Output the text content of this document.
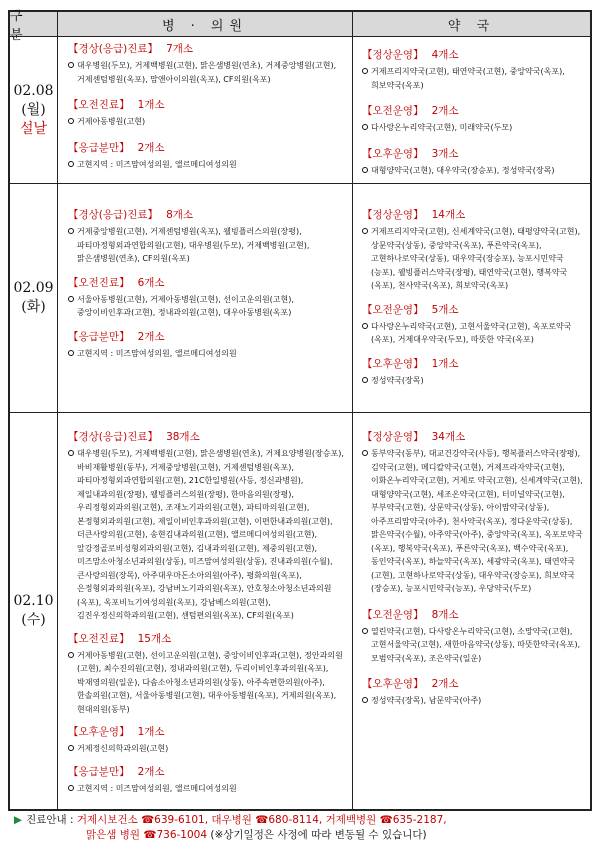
구 분
병 · 의원	약 국
02.08
(월)
설날
【경상(응급)진료】 7개소
대우병원(두모), 거제백병원(고현), 맑은샘병원(연초), 거제중앙병원(고현), 거제센텀병원(옥포), 맘앤아이의원(옥포), CF의원(옥포)
【오전진료】 1개소
거제아동병원(고현)
【응급분만】 2개소
고현지역 : 미즈맘여성의원, 앨르메디여성의원
【정상운영】 4개소
거제프리지약국(고현), 태연약국(고현), 중앙약국(옥포), 희보약국(옥포)
【오전운영】 2개소
다사랑온누리약국(고현), 미래약국(두모)
【오후운영】 3개소
대형양약국(고현), 대우약국(장승포), 정성약국(장목)
02.09
(화)
【경상(응급)진료】 8개소
거제중앙병원(고현), 거제센텀병원(옥포), 웰빙플러스의원(장평), 파티마정형외과연합의원(고현), 대우병원(두모), 거제백병원(고현), 맑은샘병원(연초), CF의원(옥포)
【오전진료】 6개소
서울아동병원(고현), 거제아동병원(고현), 선이고운의원(고현), 중앙이비인후과(고현), 정내과의원(고현), 대우아동병원(옥포)
【응급분만】 2개소
고현지역 : 미즈맘여성의원, 앨르메디여성의원
【정상운영】 14개소
거제프리지약국(고현), 신세계약국(고현), 태평양약국(고현), 상문약국(상동), 중앙약국(옥포), 푸른약국(옥포), 고현하나로약국(상동), 대우약국(장승포), 능포시민약국(능포), 웰빙플러스약국(장평), 태연약국(고현), 행복약국(옥포), 천사약국(옥포), 희보약국(옥포)
【오전운영】 5개소
다사랑온누리약국(고현), 고현서울약국(고현), 옥포로약국(옥포), 거제대우약국(두모), 따뜻한 약국(옥포)
【오후운영】 1개소
정성약국(장목)
02.10
(수)
【경상(응급)진료】 38개소
대우병원(두모), 거제백병원(고현), 맑은샘병원(연초), 거제요양병원(장승포), 바비재활병원(동부), 거제중앙병원(고현), 거제센텀병원(옥포), 파티마정형외과연합의원(고현), 21C한일병원(사등, 정신과병원), 제일내과의원(장평), 웰빙플러스의원(장평), 한마음의원(장평), 우리정형외과의원(고현), 조재노기과의원(고현), 파티마의원(고현), 본정형외과의원(고현), 제일이비인후과의원(고현), 이편한내과의원(고현), 더큰사랑의원(고현), 송현김내과의원(고현), 앨르메디여성의원(고현), 앞강정골로비성형외과의원(고현), 김내과의원(고현), 제중의원(고현), 미즈맘소아청소년과의원(상동), 미즈맘여성의원(상동), 진내과의원(수월), 큰사랑의원(장목), 아주대우마돈소아의원(아주), 평화의원(옥포), 은정형외과의원(옥포), 강남버노기과의원(옥포), 안호청소아청소년과의원(옥포), 옥포비뇨기여성의원(옥포), 강남베스의원(고현), 김진우정신의학과의원(고현), 센텀편의원(옥포), CF의원(옥포)
【오전진료】 15개소
거제아동병원(고현), 선이고운의원(고현), 중앙이비인후과(고현), 정안과의원(고현), 최수진의원(고현), 정내과의원(고현), 두리이비인후과의원(옥포), 박재영의원(일운), 다솜소아청소년과의원(상동), 아주속편한의원(아주), 한솔의원(고현), 서울아동병원(고현), 대우아동병원(옥포), 거제의원(옥포), 현대의원(동부)
【오후운영】 1개소
거제정신의학과의원(고현)
【응급분만】 2개소
고현지역 : 미즈맘여성의원, 앨르메디여성의원
【정상운영】 34개소
동부약국(동부), 대교건강약국(사등), 행복플러스약국(장평), 김약국(고현), 메디칼약국(고현), 거제프라자약국(고현), 이화온누리약국(고현), 거제로 약국(고현), 신세계약국(고현), 대형양약국(고현), 세조온약국(고현), 터미널약국(고현), 부부약국(고현), 상문약국(상동), 아이맘약국(상동), 아주프리맘약국(아주), 천사약국(옥포), 정다운약국(상동), 맑은약국(수월), 아주약국(아주), 중앙약국(옥포), 옥포로약국(옥포), 행복약국(옥포), 푸른약국(옥포), 백수약국(옥포), 동인약국(옥포), 하늘약국(옥포), 세광약국(옥포), 태연약국(고현), 고현하나로약국(상동), 대우약국(장승포), 희보약국(장승포), 능포시민약국(능포), 우당약국(두모)
【오전운영】 8개소
열린약국(고현), 다사랑온누리약국(고현), 소망약국(고현), 고현서울약국(고현), 새한마음약국(상동), 따뜻한약국(옥포), 모범약국(옥포), 조은약국(일운)
【오후운영】 2개소
정성약국(장목), 남문약국(아주)
▶ 진료안내 : 거제시보건소 ☎639-6101, 대우병원 ☎680-8114, 거제백병원 ☎635-2187,
맑은샘 병원 ☎736-1004 (※상기일정은 사정에 따라 변동될 수 있습니다)
